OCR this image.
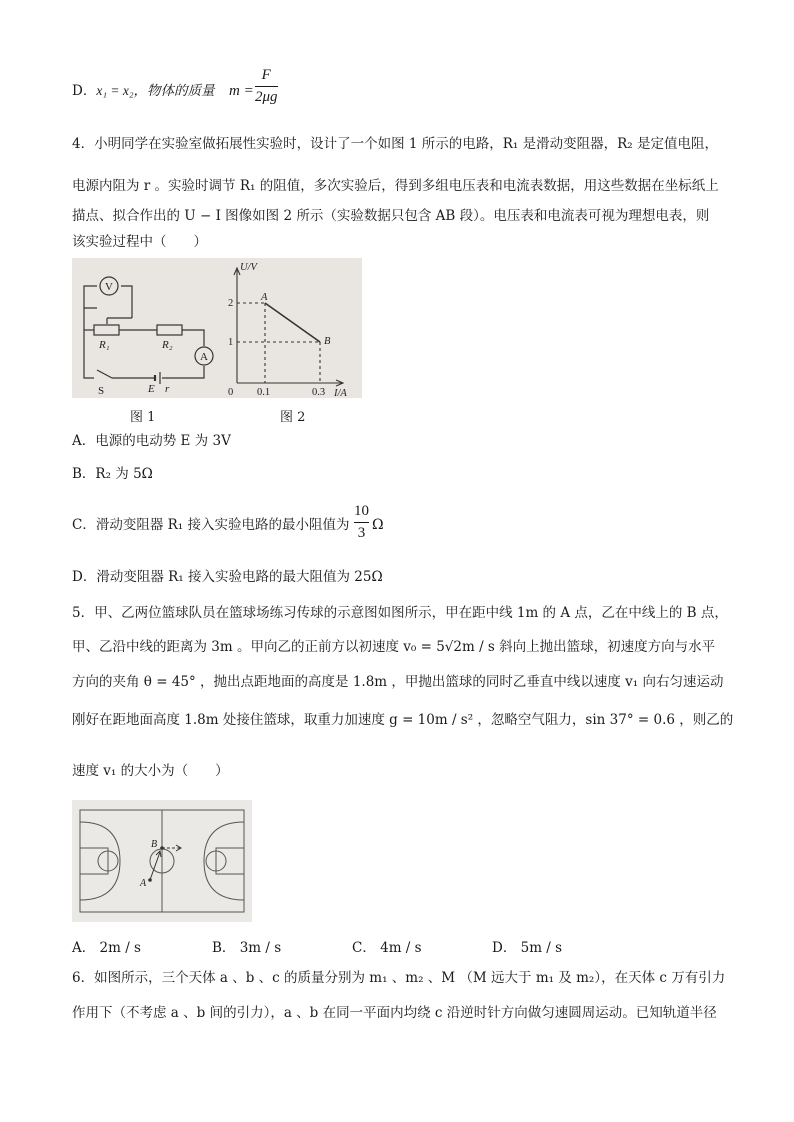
D．x₁ = x₂，物体的质量 m =
F
2μg
4．小明同学在实验室做拓展性实验时，设计了一个如图 1 所示的电路，R₁ 是滑动变阻器，R₂ 是定值电阻，
电源内阻为 r 。实验时调节 R₁ 的阻值，多次实验后，得到多组电压表和电流表数据，用这些数据在坐标纸上
描点、拟合作出的 U − I 图像如图 2 所示（实验数据只包含 AB 段）。电压表和电流表可视为理想电表，则
该实验过程中（　　）
V
A
R₁	R₂
S	E r
U/V
I/A
0
2
1
0.1	0.3
A
B
图 1	图 2
A．电源的电动势 E 为 3V
B．R₂ 为 5Ω
C．滑动变阻器 R₁ 接入实验电路的最小阻值为
10
3 Ω
D．滑动变阻器 R₁ 接入实验电路的最大阻值为 25Ω
5．甲、乙两位篮球队员在篮球场练习传球的示意图如图所示，甲在距中线 1m 的 A 点，乙在中线上的 B 点，
甲、乙沿中线的距离为 3m 。甲向乙的正前方以初速度 v₀ = 5√2m / s 斜向上抛出篮球，初速度方向与水平
方向的夹角 θ = 45° ，抛出点距地面的高度是 1.8m ，甲抛出篮球的同时乙垂直中线以速度 v₁ 向右匀速运动
刚好在距地面高度 1.8m 处接住篮球，取重力加速度 g = 10m / s² ，忽略空气阻力，sin 37° = 0.6 ，则乙的
速度 v₁ 的大小为（　　）
B
A
A． 2m / s	B． 3m / s	C． 4m / s	D． 5m / s
6．如图所示，三个天体 a 、b 、c 的质量分别为 m₁ 、m₂ 、M （M 远大于 m₁ 及 m₂），在天体 c 万有引力
作用下（不考虑 a 、b 间的引力），a 、b 在同一平面内均绕 c 沿逆时针方向做匀速圆周运动。已知轨道半径
